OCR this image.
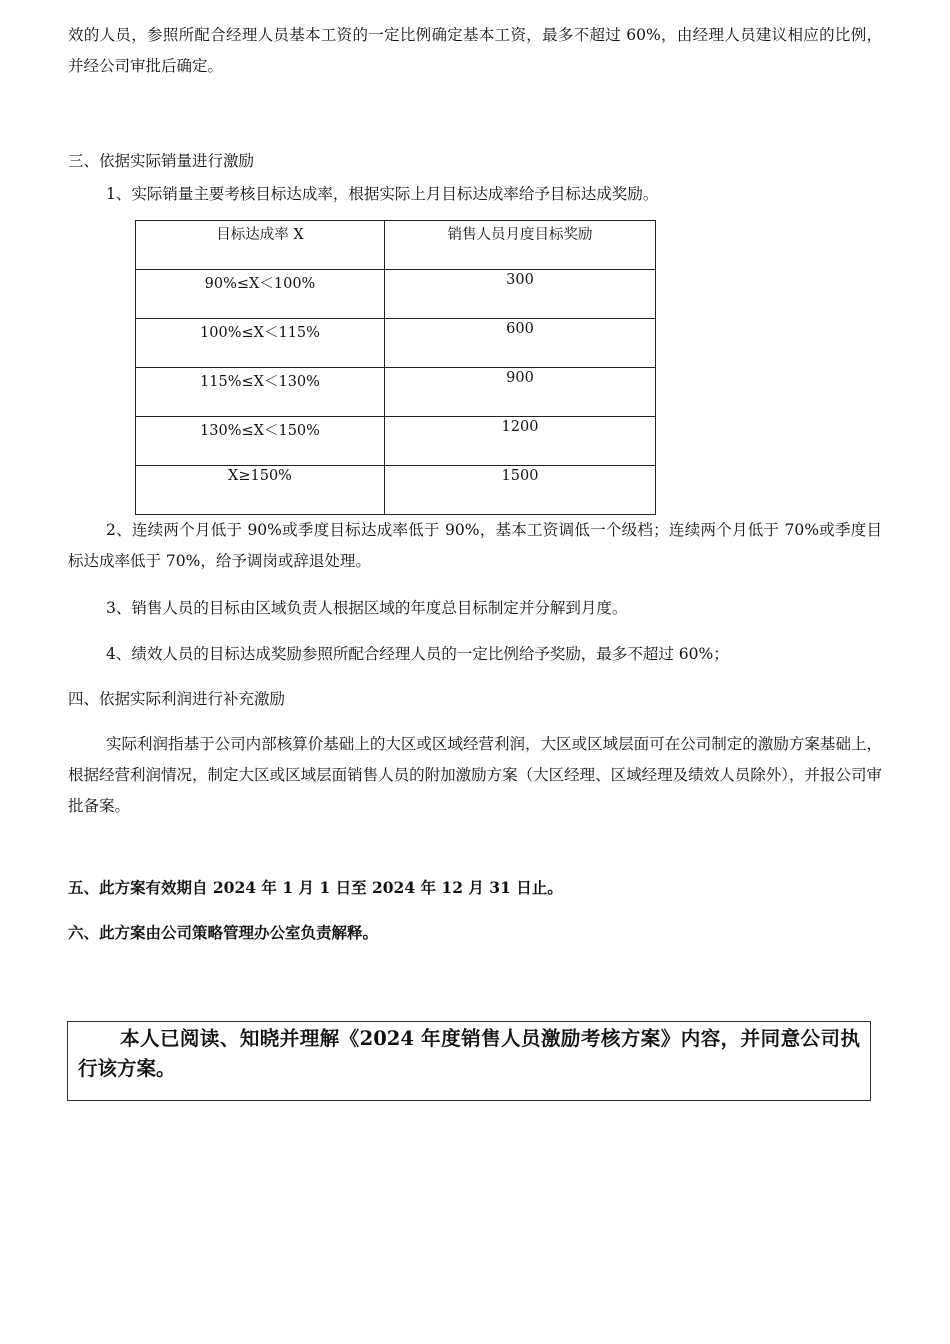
效的人员，参照所配合经理人员基本工资的一定比例确定基本工资，最多不超过 60%，由经理人员建议相应的比例，并经公司审批后确定。

三、依据实际销量进行激励

1、实际销量主要考核目标达成率，根据实际上月目标达成率给予目标达成奖励。

目标达成率 X	销售人员月度目标奖励
90%≤X＜100%	300
100%≤X＜115%	600
115%≤X＜130%	900
130%≤X＜150%	1200
X≥150%	1500

2、连续两个月低于 90%或季度目标达成率低于 90%，基本工资调低一个级档；连续两个月低于 70%或季度目标达成率低于 70%，给予调岗或辞退处理。

3、销售人员的目标由区域负责人根据区域的年度总目标制定并分解到月度。

4、绩效人员的目标达成奖励参照所配合经理人员的一定比例给予奖励，最多不超过 60%；

四、依据实际利润进行补充激励

实际利润指基于公司内部核算价基础上的大区或区域经营利润，大区或区域层面可在公司制定的激励方案基础上，根据经营利润情况，制定大区或区域层面销售人员的附加激励方案（大区经理、区域经理及绩效人员除外），并报公司审批备案。

五、此方案有效期自 2024 年 1 月 1 日至 2024 年 12 月 31 日止。

六、此方案由公司策略管理办公室负责解释。

本人已阅读、知晓并理解《2024 年度销售人员激励考核方案》内容，并同意公司执行该方案。
